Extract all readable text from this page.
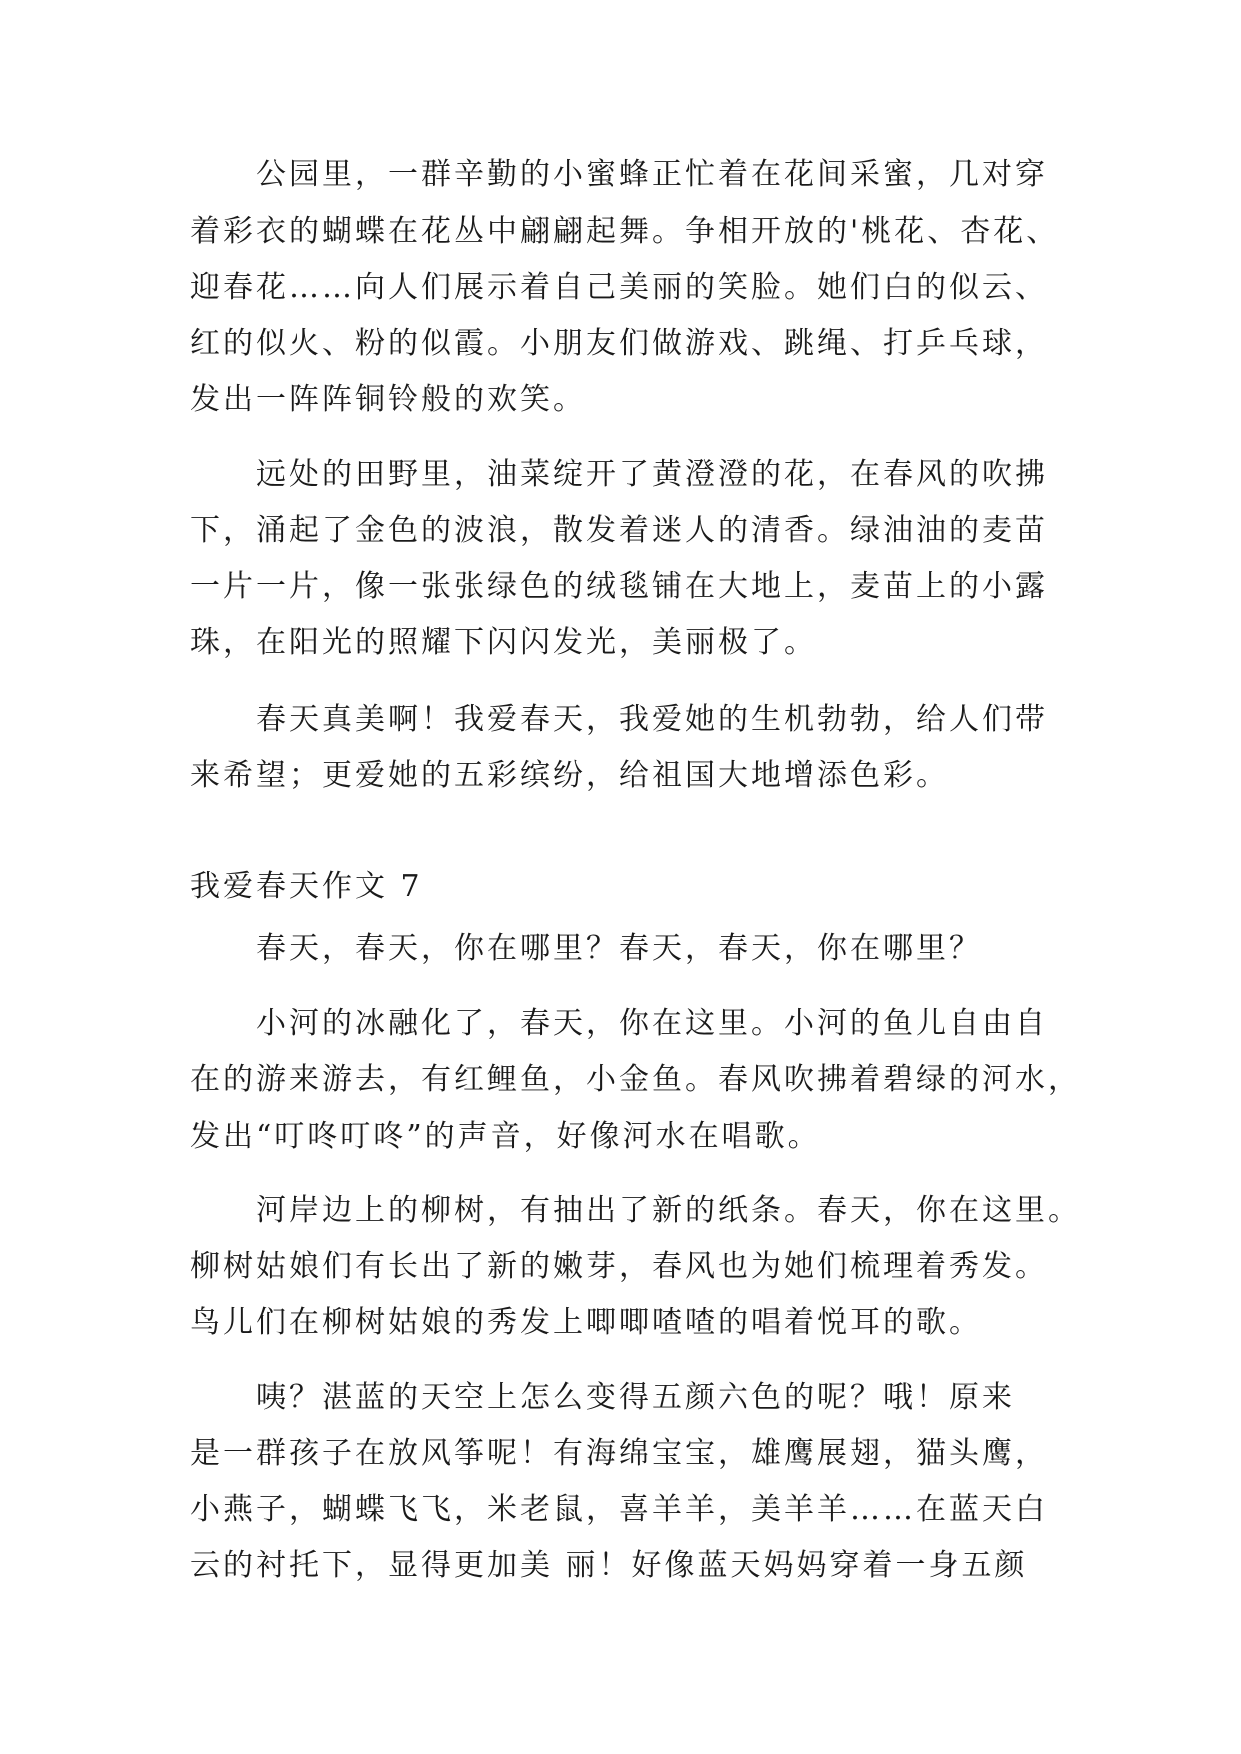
公园里，一群辛勤的小蜜蜂正忙着在花间采蜜，几对穿
着彩衣的蝴蝶在花丛中翩翩起舞。争相开放的'桃花、杏花、
迎春花……向人们展示着自己美丽的笑脸。她们白的似云、
红的似火、粉的似霞。小朋友们做游戏、跳绳、打乒乓球，
发出一阵阵铜铃般的欢笑。
远处的田野里，油菜绽开了黄澄澄的花，在春风的吹拂
下，涌起了金色的波浪，散发着迷人的清香。绿油油的麦苗
一片一片，像一张张绿色的绒毯铺在大地上，麦苗上的小露
珠，在阳光的照耀下闪闪发光，美丽极了。
春天真美啊！我爱春天，我爱她的生机勃勃，给人们带
来希望；更爱她的五彩缤纷，给祖国大地增添色彩。
我爱春天作文 7
春天，春天，你在哪里？春天，春天，你在哪里？
小河的冰融化了，春天，你在这里。小河的鱼儿自由自
在的游来游去，有红鲤鱼，小金鱼。春风吹拂着碧绿的河水，
发出“叮咚叮咚”的声音，好像河水在唱歌。
河岸边上的柳树，有抽出了新的纸条。春天，你在这里。
柳树姑娘们有长出了新的嫩芽，春风也为她们梳理着秀发。
鸟儿们在柳树姑娘的秀发上唧唧喳喳的唱着悦耳的歌。
咦？湛蓝的天空上怎么变得五颜六色的呢？哦！原来
是一群孩子在放风筝呢！有海绵宝宝，雄鹰展翅，猫头鹰，
小燕子，蝴蝶飞飞，米老鼠，喜羊羊，美羊羊……在蓝天白
云的衬托下，显得更加美 丽！好像蓝天妈妈穿着一身五颜
